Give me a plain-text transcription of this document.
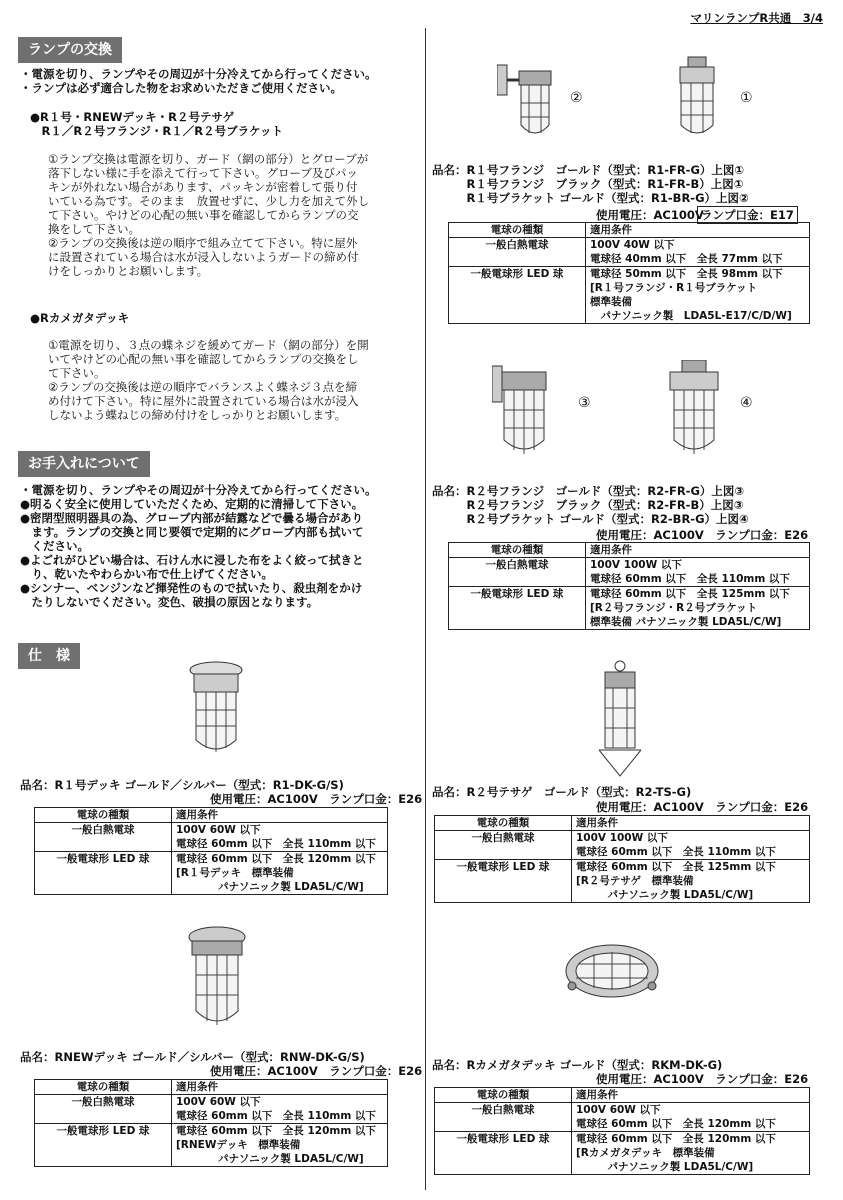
マリンランプR共通　3/4
ランプの交換
・電源を切り、ランプやその周辺が十分冷えてから行ってください。
・ランプは必ず適合した物をお求めいただきご使用ください。
●R１号・RNEWデッキ・R２号テサゲ
　R１／R２号フランジ・R１／R２号ブラケット
①ランプ交換は電源を切り、ガード（網の部分）とグローブが
落下しない様に手を添えて行って下さい。グローブ及びパッ
キンが外れない場合があります、パッキンが密着して張り付
いている為です。そのまま　放置せずに、少し力を加えて外し
て下さい。やけどの心配の無い事を確認してからランプの交
換をして下さい。
②ランプの交換後は逆の順序で組み立てて下さい。特に屋外
に設置されている場合は水が浸入しないようガードの締め付
けをしっかりとお願いします。
●Rカメガタデッキ
①電源を切り、３点の蝶ネジを緩めてガード（網の部分）を開
いてやけどの心配の無い事を確認してからランプの交換をし
て下さい。
②ランプの交換後は逆の順序でバランスよく蝶ネジ３点を締
め付けて下さい。特に屋外に設置されている場合は水が浸入
しないよう蝶ねじの締め付けをしっかりとお願いします。
お手入れについて
・電源を切り、ランプやその周辺が十分冷えてから行ってください。
●明るく安全に使用していただくため、定期的に清掃して下さい。
●密閉型照明器具の為、グローブ内部が結露などで曇る場合があり
　ます。ランプの交換と同じ要領で定期的にグローブ内部も拭いて
　ください。
●よごれがひどい場合は、石けん水に浸した布をよく絞って拭きと
　り、乾いたやわらかい布で仕上げてください。
●シンナー、ベンジンなど揮発性のもので拭いたり、殺虫剤をかけ
　たりしないでください。変色、破損の原因となります。
仕　様
品名：R１号デッキ ゴールド／シルバー（型式：R1-DK-G/S)
使用電圧：AC100V　ランプ口金：E26
電球の種類	適用条件
一般白熱電球	100V 60W 以下
電球径 60mm 以下　全長 110mm 以下
一般電球形 LED 球	電球径 60mm 以下　全長 120mm 以下
[R１号デッキ　標準装備
　　　　パナソニック製 LDA5L/C/W]
品名：RNEWデッキ ゴールド／シルバー（型式：RNW-DK-G/S)
使用電圧：AC100V　ランプ口金：E26
電球の種類	適用条件
一般白熱電球	100V 60W 以下
電球径 60mm 以下　全長 110mm 以下
一般電球形 LED 球	電球径 60mm 以下　全長 120mm 以下
[RNEWデッキ　標準装備
　　　　パナソニック製 LDA5L/C/W]
②	①
品名：R１号フランジ　ゴールド（型式：R1-FR-G）上図①
　　　R１号フランジ　ブラック（型式：R1-FR-B）上図①
　　　R１号ブラケット ゴールド（型式：R1-BR-G）上図②
使用電圧：AC100V
ランプ口金：E17
電球の種類	適用条件
一般白熱電球	100V 40W 以下
電球径 40mm 以下　全長 77mm 以下
一般電球形 LED 球	電球径 50mm 以下　全長 98mm 以下
[R１号フランジ・R１号ブラケット
標準装備
　パナソニック製　LDA5L-E17/C/D/W]
③	④
品名：R２号フランジ　ゴールド（型式：R2-FR-G）上図③
　　　R２号フランジ　ブラック（型式：R2-FR-B）上図③
　　　R２号ブラケット ゴールド（型式：R2-BR-G）上図④
使用電圧：AC100V　ランプ口金：E26
電球の種類	適用条件
一般白熱電球	100V 100W 以下
電球径 60mm 以下　全長 110mm 以下
一般電球形 LED 球	電球径 60mm 以下　全長 125mm 以下
[R２号フランジ・R２号ブラケット
標準装備 パナソニック製 LDA5L/C/W]
品名：R２号テサゲ　ゴールド（型式：R2-TS-G)
使用電圧：AC100V　ランプ口金：E26
電球の種類	適用条件
一般白熱電球	100V 100W 以下
電球径 60mm 以下　全長 110mm 以下
一般電球形 LED 球	電球径 60mm 以下　全長 125mm 以下
[R２号テサゲ　標準装備
　　　パナソニック製 LDA5L/C/W]
品名：Rカメガタデッキ ゴールド（型式：RKM-DK-G)
使用電圧：AC100V　ランプ口金：E26
電球の種類	適用条件
一般白熱電球	100V 60W 以下
電球径 60mm 以下　全長 120mm 以下
一般電球形 LED 球	電球径 60mm 以下　全長 120mm 以下
[Rカメガタデッキ　標準装備
　　　パナソニック製 LDA5L/C/W]
